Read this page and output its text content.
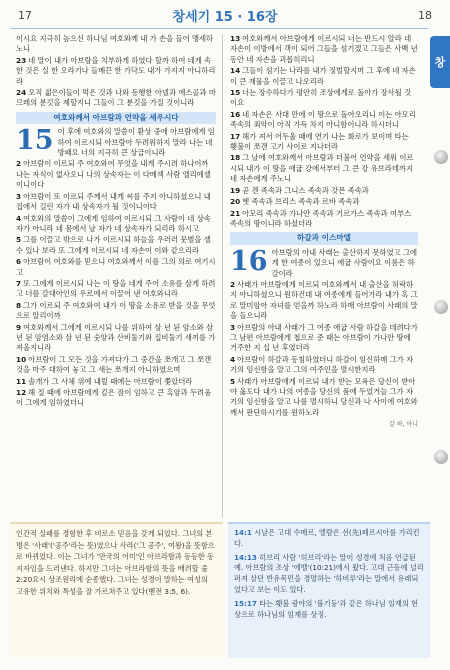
17	창세기 15 · 16장	18
창
이시요 지극히 높으신 하나님 여호와께 내 가 손을 들어 맹세하노니
23 네 말이 내가 아브람을 치부하게 하였다 할까 하여 네게 속한 것은 실 한 오라기나 들메끈 한 가닥도 내가 가지지 아니하리라
24 오직 젊은이들이 먹은 것과 나와 동행한 아넬과 에스골과 마므레의 분깃을 제할지니 그들이 그 분깃을 가질 것이니라
여호와께서 아브람과 언약을 세우시다
15 이 후에 여호와의 말씀이 환상 중에 아브람에게 임하여 이르시되 아브람아 두려워하지 말라 나는 네 방패요 너의 지극히 큰 상급이니라
2 아브람이 이르되 주 여호와여 무엇을 내게 주시려 하나이까 나는 자식이 없사오니 나의 상속자는 이 다메섹 사람 엘리에셀이니이다
3 아브람이 또 이르되 주께서 내게 씨를 주지 아니하셨으니 내 집에서 길린 자가 내 상속자가 될 것이니이다
4 여호와의 말씀이 그에게 임하여 이르시되 그 사람이 네 상속자가 아니라 네 몸에서 날 자가 네 상속자가 되리라 하시고
5 그를 이끌고 밖으로 나가 이르시되 하늘을 우러러 뭇별을 셀 수 있나 보라 또 그에게 이르시되 네 자손이 이와 같으리라
6 아브람이 여호와를 믿으니 여호와께서 이를 그의 의로 여기시고
7 또 그에게 이르시되 나는 이 땅을 네게 주어 소유를 삼게 하려고 너를 갈대아인의 우르에서 이끌어 낸 여호와니라
8 그가 이르되 주 여호와여 내가 이 땅을 소유로 받을 것을 무엇으로 알리이까
9 여호와께서 그에게 이르시되 나를 위하여 삼 년 된 암소와 삼 년 된 암염소와 삼 년 된 숫양과 산비둘기와 집비둘기 새끼를 가져올지니라
10 아브람이 그 모든 것을 가져다가 그 중간을 쪼개고 그 쪼갠 것을 마주 대하여 놓고 그 새는 쪼개지 아니하였으며
11 솔개가 그 사체 위에 내릴 때에는 아브람이 쫓았더라
12 해 질 때에 아브람에게 깊은 잠이 임하고 큰 흑암과 두려움이 그에게 임하였더니
13 여호와께서 아브람에게 이르시되 너는 반드시 알라 네 자손이 이방에서 객이 되어 그들을 섬기겠고 그들은 사백 년 동안 네 자손을 괴롭히리니
14 그들이 섬기는 나라를 내가 징벌할지며 그 후에 네 자손이 큰 재물을 이끌고 나오리라
15 너는 장수하다가 평안히 조상에게로 돌아가 장사될 것이요
16 네 자손은 사대 만에 이 땅으로 돌아오리니 이는 아모리 족속의 죄악이 아직 가득 차지 아니함이니라 하시더니
17 해가 져서 어두울 때에 연기 나는 화로가 보이며 타는 횃불이 쪼갠 고기 사이로 지나더라
18 그 날에 여호와께서 아브람과 더불어 언약을 세워 이르시되 내가 이 땅을 애굽 강에서부터 그 큰 강 유브라데까지 네 자손에게 주노니
19 곧 겐 족속과 그니스 족속과 갓몬 족속과
20 헷 족속과 브리스 족속과 르바 족속과
21 아모리 족속과 가나안 족속과 기르가스 족속과 여부스 족속의 땅이니라 하셨더라
하갈과 이스마엘
16 아브람의 아내 사래는 출산하지 못하였고 그에게 한 여종이 있으니 애굽 사람이요 이름은 하갈이라
2 사래가 아브람에게 이르되 여호와께서 내 출산을 허락하지 아니하셨으니 원하건대 내 여종에게 들어가라 내가 혹 그로 말미암아 자녀를 얻을까 하노라 하매 아브람이 사래의 말을 들으니라
3 아브람의 아내 사래가 그 여종 애굽 사람 하갈을 데려다가 그 남편 아브람에게 첩으로 준 때는 아브람이 가나안 땅에 거주한 지 십 년 후였더라
4 아브람이 하갈과 동침하였더니 하갈이 임신하매 그가 자기의 임신함을 알고 그의 여주인을 멸시한지라
5 사래가 아브람에게 이르되 내가 받는 모욕은 당신이 받아야 옳도다 내가 나의 여종을 당신의 품에 두었거늘 그가 자기의 임신함을 알고 나를 멸시하니 당신과 나 사이에 여호와께서 판단하시기를 원하노라
갈 하, 아니
인간적 실패를 경험한 후 비로소 믿음을 갖게 되었다. 그녀의 본명은 '사래'('공주'라는 뜻)였으나 사라('그 공주', 여왕)을 뜻함으로 바뀌었다. 이는 그녀가 '만국의 어미'인 아브라함과 동등한 동지자임을 드러낸다. 하지만 그녀는 아브라함의 뜻을 배려할 줄 2:20요시 상조원리에 순종했다. 그녀는 성경이 말하는 여성의 고유한 위치와 특성을 잘 가르쳐주고 있다(벧전 3:5, 6).
14:1 시날은 고대 수메르, 엘람은 선(先)페르시아를 가리킨다.
14:13 히브리 사람 '히브리'라는 말이 성경에 처음 언급된 예. 아브람의 조상 '에벨'(10:21)에서 왔다. 고대 근동에 널리 퍼져 살던 반유목민을 경멸하는 '하비루'라는 말에서 유래되었다고 보는 이도 있다.
15:17 타는 횃불 광야의 '불기둥'과 같은 하나님 임재의 현상으로 하나님의 임재를 상징.
